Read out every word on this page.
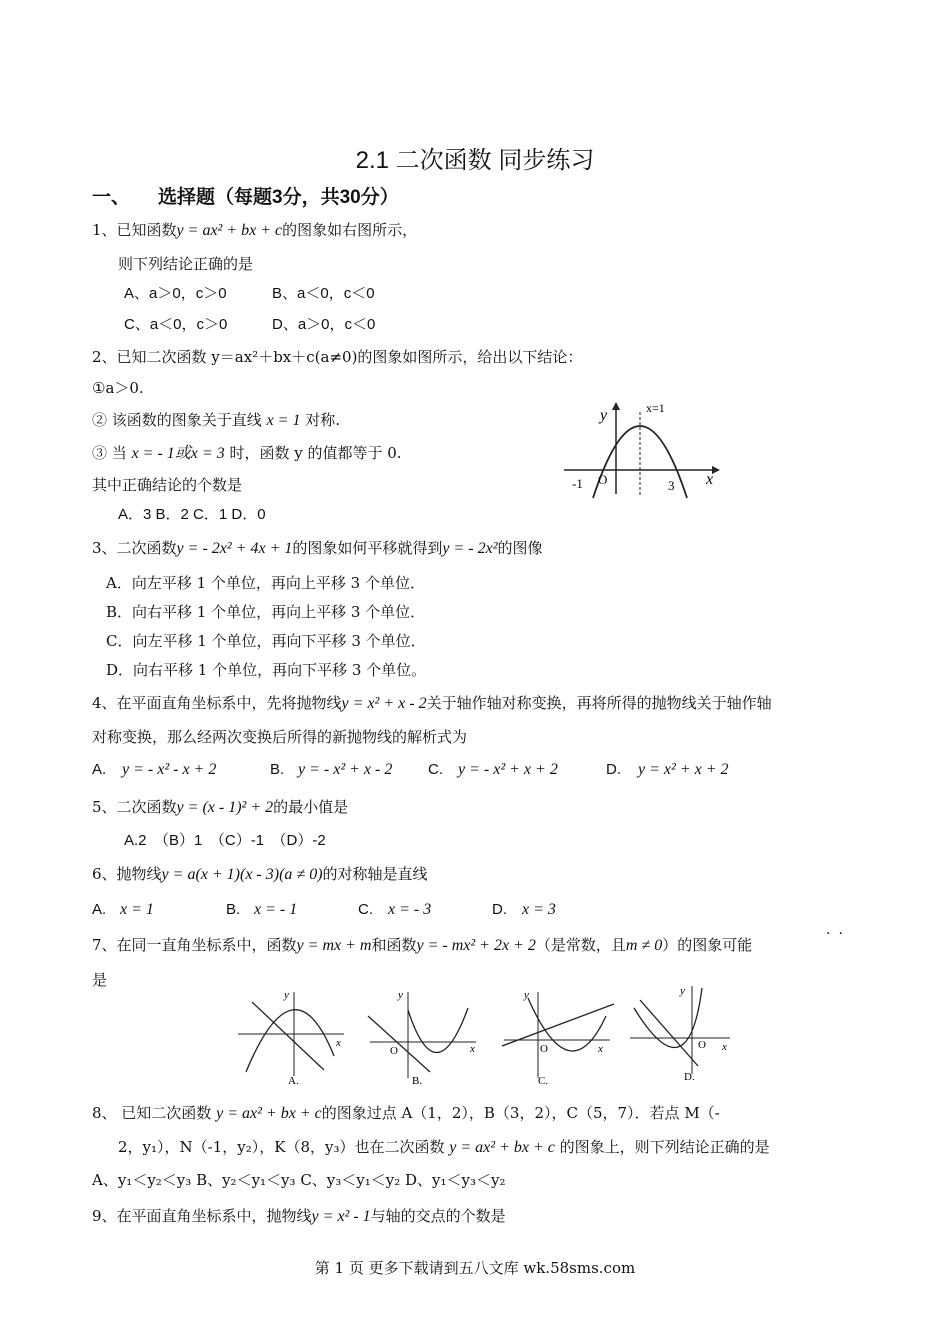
2.1 二次函数 同步练习
一、 选择题（每题3分，共30分）
1、已知函数y = ax² + bx + c的图象如右图所示，
则下列结论正确的是
A、a＞0，c＞0	B、a＜0，c＜0
C、a＜0，c＞0	D、a＞0，c＜0
2、已知二次函数 y＝ax²＋bx＋c(a≠0)的图象如图所示，给出以下结论：
①a＞0.
② 该函数的图象关于直线 x = 1 对称.
③ 当 x = - 1或x = 3 时，函数 y 的值都等于 0.
其中正确结论的个数是
A．3 B．2 C．1 D．0
y
x
x=1
-1 O	3
3、二次函数y = - 2x² + 4x + 1的图象如何平移就得到y = - 2x²的图像
A．向左平移 1 个单位，再向上平移 3 个单位．
B．向右平移 1 个单位，再向上平移 3 个单位．
C．向左平移 1 个单位，再向下平移 3 个单位．
D．向右平移 1 个单位，再向下平移 3 个单位。
4、在平面直角坐标系中，先将抛物线y = x² + x - 2关于轴作轴对称变换，再将所得的抛物线关于轴作轴
对称变换，那么经两次变换后所得的新抛物线的解析式为
A. y = - x² - x + 2	B. y = - x² + x - 2 C. y = - x² + x + 2	D. y = x² + x + 2
5、二次函数y = (x - 1)² + 2的最小值是
A.2　（B）1　（C）-1　（D）-2
6、抛物线y = a(x + 1)(x - 3)(a ≠ 0)的对称轴是直线
A. x = 1	B. x = - 1	C. x = - 3	D. x = 3
7、在同一直角坐标系中，函数y = mx + m和函数y = - mx² + 2x + 2（是常数，且m ≠ 0）的图象可能
··
是
y
x
A.
y
x
O
B.
y
x
O
C.
y
x
O
D.
8、 已知二次函数 y = ax² + bx + c的图象过点 A（1，2），B（3，2），C（5，7）．若点 M（-
2，y₁），N（-1，y₂），K（8，y₃）也在二次函数 y = ax² + bx + c 的图象上，则下列结论正确的是
A、y₁＜y₂＜y₃ B、y₂＜y₁＜y₃ C、y₃＜y₁＜y₂ D、y₁＜y₃＜y₂
9、在平面直角坐标系中，抛物线y = x² - 1与轴的交点的个数是
第 1 页 更多下载请到五八文库 wk.58sms.com
